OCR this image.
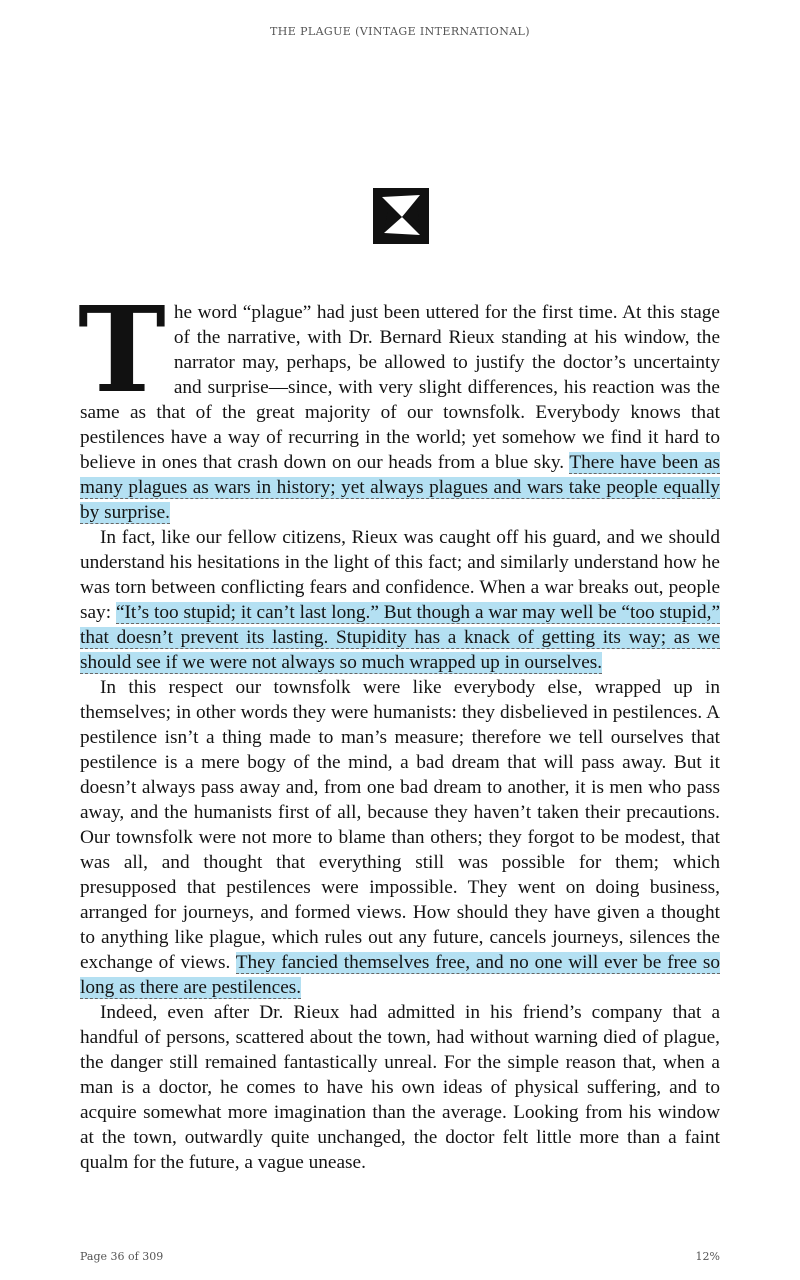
THE PLAGUE (VINTAGE INTERNATIONAL)

The word “plague” had just been uttered for the first time. At this stage of the narrative, with Dr. Bernard Rieux standing at his window, the narrator may, perhaps, be allowed to justify the doctor’s uncertainty and surprise—since, with very slight differences, his reaction was the same as that of the great majority of our townsfolk. Everybody knows that pestilences have a way of recurring in the world; yet somehow we find it hard to believe in ones that crash down on our heads from a blue sky. There have been as many plagues as wars in history; yet always plagues and wars take people equally by surprise.

In fact, like our fellow citizens, Rieux was caught off his guard, and we should understand his hesitations in the light of this fact; and similarly understand how he was torn between conflicting fears and confidence. When a war breaks out, people say: “It’s too stupid; it can’t last long.” But though a war may well be “too stupid,” that doesn’t prevent its lasting. Stupidity has a knack of getting its way; as we should see if we were not always so much wrapped up in ourselves.

In this respect our townsfolk were like everybody else, wrapped up in themselves; in other words they were humanists: they disbelieved in pestilences. A pestilence isn’t a thing made to man’s measure; therefore we tell ourselves that pestilence is a mere bogy of the mind, a bad dream that will pass away. But it doesn’t always pass away and, from one bad dream to another, it is men who pass away, and the humanists first of all, because they haven’t taken their precautions. Our townsfolk were not more to blame than others; they forgot to be modest, that was all, and thought that everything still was possible for them; which presupposed that pestilences were impossible. They went on doing business, arranged for journeys, and formed views. How should they have given a thought to anything like plague, which rules out any future, cancels journeys, silences the exchange of views. They fancied themselves free, and no one will ever be free so long as there are pestilences.

Indeed, even after Dr. Rieux had admitted in his friend’s company that a handful of persons, scattered about the town, had without warning died of plague, the danger still remained fantastically unreal. For the simple reason that, when a man is a doctor, he comes to have his own ideas of physical suffering, and to acquire somewhat more imagination than the average. Looking from his window at the town, outwardly quite unchanged, the doctor felt little more than a faint qualm for the future, a vague unease.

Page 36 of 309	12%
